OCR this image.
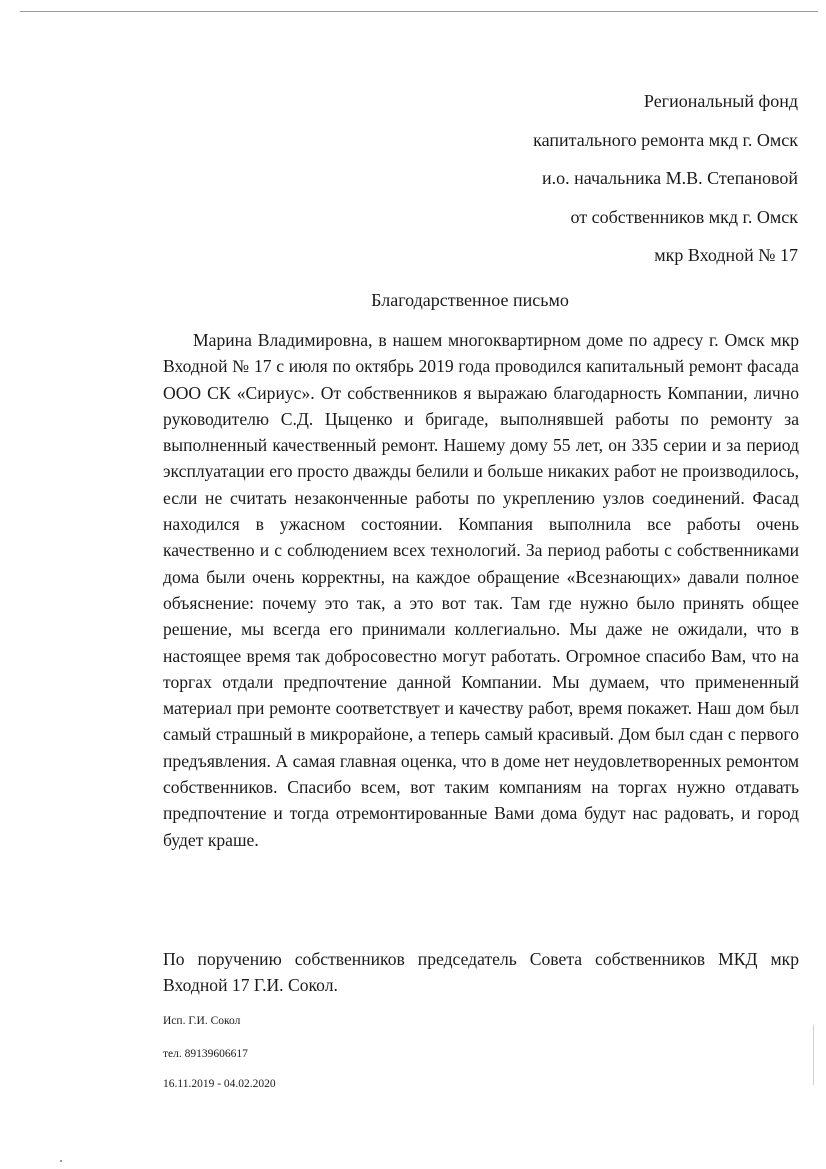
Региональный фонд
капитального ремонта мкд г. Омск
и.о. начальника М.В. Степановой
от собственников мкд г. Омск
мкр Входной № 17
Благодарственное письмо

Марина Владимировна, в нашем многоквартирном доме по адресу г. Омск мкр Входной № 17 с июля по октябрь 2019 года проводился капитальный ремонт фасада ООО СК «Сириус». От собственников я выражаю благодарность Компании, лично руководителю С.Д. Цыценко и бригаде, выполнявшей работы по ремонту за выполненный качественный ремонт. Нашему дому 55 лет, он 335 серии и за период эксплуатации его просто дважды белили и больше никаких работ не производилось, если не считать незаконченные работы по укреплению узлов соединений. Фасад находился в ужасном состоянии. Компания выполнила все работы очень качественно и с соблюдением всех технологий. За период работы с собственниками дома были очень корректны, на каждое обращение «Всезнающих» давали полное объяснение: почему это так, а это вот так. Там где нужно было принять общее решение, мы всегда его принимали коллегиально. Мы даже не ожидали, что в настоящее время так добросовестно могут работать. Огромное спасибо Вам, что на торгах отдали предпочтение данной Компании. Мы думаем, что примененный материал при ремонте соответствует и качеству работ, время покажет. Наш дом был самый страшный в микрорайоне, а теперь самый красивый. Дом был сдан с первого предъявления. А самая главная оценка, что в доме нет неудовлетворенных ремонтом собственников. Спасибо всем, вот таким компаниям на торгах нужно отдавать предпочтение и тогда отремонтированные Вами дома будут нас радовать, и город будет краше.

По поручению собственников председатель Совета собственников МКД мкр Входной 17 Г.И. Сокол.

Исп. Г.И. Сокол
тел. 89139606617
16.11.2019 - 04.02.2020
